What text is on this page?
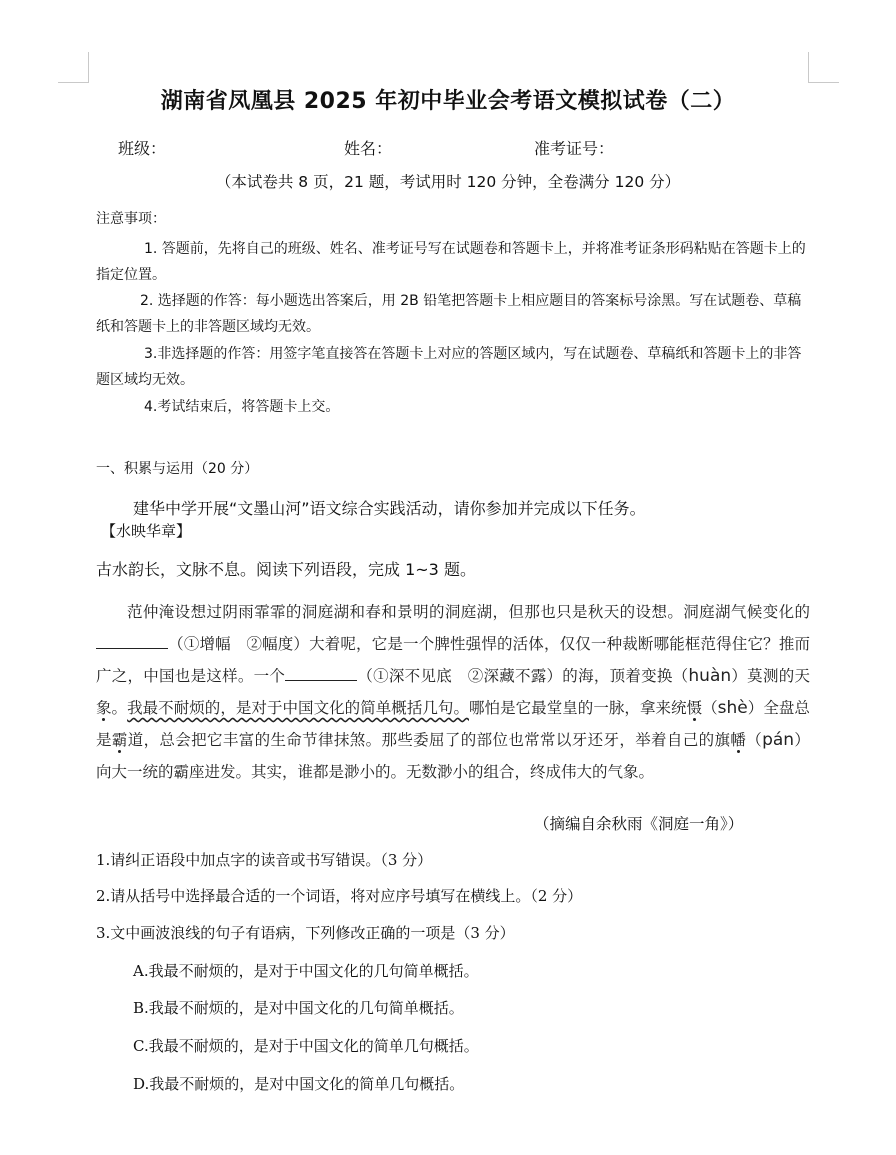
湖南省凤凰县 2025 年初中毕业会考语文模拟试卷（二）
班级：	姓名：	准考证号：
（本试卷共 8 页，21 题，考试用时 120 分钟，全卷满分 120 分）
注意事项：

1. 答题前，先将自己的班级、姓名、准考证号写在试题卷和答题卡上，并将准考证条形码粘贴在答题卡上的指定位置。

2. 选择题的作答：每小题选出答案后，用 2B 铅笔把答题卡上相应题目的答案标号涂黑。写在试题卷、草稿纸和答题卡上的非答题区域均无效。

3.非选择题的作答：用签字笔直接答在答题卡上对应的答题区域内，写在试题卷、草稿纸和答题卡上的非答题区域均无效。

4.考试结束后，将答题卡上交。

一、积累与运用（20 分）
建华中学开展“文墨山河”语文综合实践活动，请你参加并完成以下任务。
【水映华章】
古水韵长，文脉不息。阅读下列语段，完成 1~3 题。

范仲淹设想过阴雨霏霏的洞庭湖和春和景明的洞庭湖，但那也只是秋天的设想。洞庭湖气候变化的（①增幅　②幅度）大着呢，它是一个脾性强悍的活体，仅仅一种裁断哪能框范得住它？推而广之，中国也是这样。一个	（①深不见底　②深藏不露）的海，顶着变换（huàn）莫测的天象。我最不耐烦的，是对于中国文化的简单概括几句。哪怕是它最堂皇的一脉，拿来统慑（shè）全盘总是霸道，总会把它丰富的生命节律抹煞。那些委屈了的部位也常常以牙还牙，举着自己的旗幡（pán）向大一统的霸座进发。其实，谁都是渺小的。无数渺小的组合，终成伟大的气象。

（摘编自余秋雨《洞庭一角》）
1.请纠正语段中加点字的读音或书写错误。（3 分）
2.请从括号中选择最合适的一个词语，将对应序号填写在横线上。（2 分）
3.文中画波浪线的句子有语病，下列修改正确的一项是（3 分）
A.我最不耐烦的，是对于中国文化的几句简单概括。
B.我最不耐烦的，是对中国文化的几句简单概括。
C.我最不耐烦的，是对于中国文化的简单几句概括。
D.我最不耐烦的，是对中国文化的简单几句概括。
